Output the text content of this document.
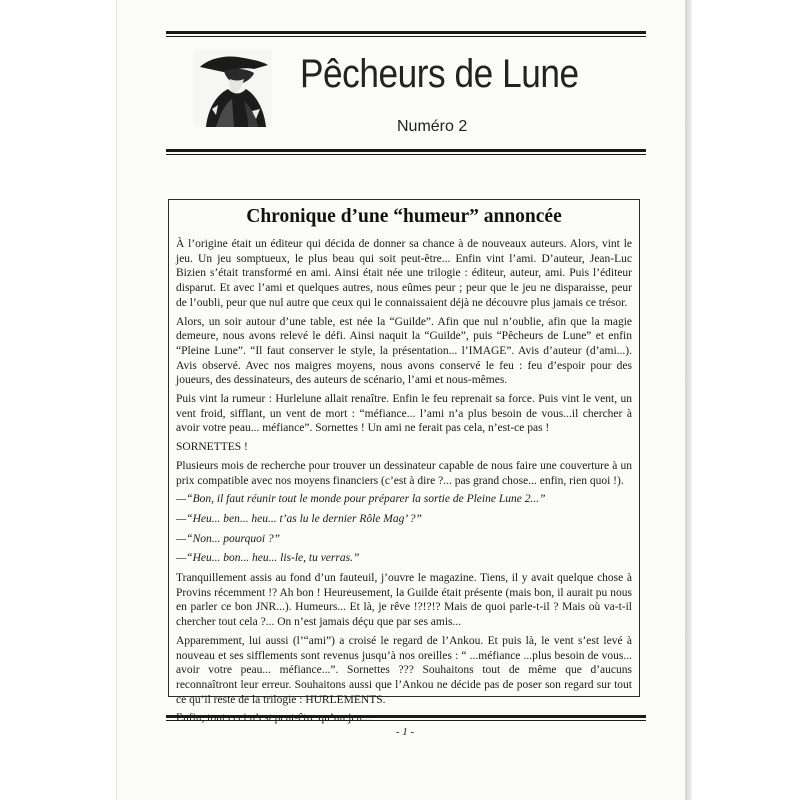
Pêcheurs de Lune
Numéro 2
Chronique d’une “humeur” annoncée

À l’origine était un éditeur qui décida de donner sa chance à de nouveaux auteurs. Alors, vint le jeu. Un jeu somptueux, le plus beau qui soit peut-être... Enfin vint l’ami. D’auteur, Jean-Luc Bizien s’était transformé en ami. Ainsi était née une trilogie : éditeur, auteur, ami. Puis l’éditeur disparut. Et avec l’ami et quelques autres, nous eûmes peur ; peur que le jeu ne disparaisse, peur de l’oubli, peur que nul autre que ceux qui le connaissaient déjà ne découvre plus jamais ce trésor.

Alors, un soir autour d’une table, est née la “Guilde”. Afin que nul n’oublie, afin que la magie demeure, nous avons relevé le défi. Ainsi naquit la “Guilde”, puis “Pêcheurs de Lune” et enfin “Pleine Lune”. “Il faut conserver le style, la présentation... l’IMAGE”. Avis d’auteur (d’ami...). Avis observé. Avec nos maigres moyens, nous avons conservé le feu : feu d’espoir pour des joueurs, des dessinateurs, des auteurs de scénario, l’ami et nous-mêmes.

Puis vint la rumeur : Hurlelune allait renaître. Enfin le feu reprenait sa force. Puis vint le vent, un vent froid, sifflant, un vent de mort : “méfiance... l’ami n’a plus besoin de vous...il chercher à avoir votre peau... méfiance”. Sornettes ! Un ami ne ferait pas cela, n’est-ce pas !

SORNETTES !

Plusieurs mois de recherche pour trouver un dessinateur capable de nous faire une couverture à un prix compatible avec nos moyens financiers (c’est à dire ?... pas grand chose... enfin, rien quoi !).

—“Bon, il faut réunir tout le monde pour préparer la sortie de Pleine Lune 2...”

—“Heu... ben... heu... t’as lu le dernier Rôle Mag’ ?”

—“Non... pourquoi ?”

—“Heu... bon... heu... lis-le, tu verras.”

Tranquillement assis au fond d’un fauteuil, j’ouvre le magazine. Tiens, il y avait quelque chose à Provins récemment !? Ah bon ! Heureusement, la Guilde était présente (mais bon, il aurait pu nous en parler ce bon JNR...). Humeurs... Et là, je rêve !?!?!? Mais de quoi parle-t-il ? Mais où va-t-il chercher tout cela ?... On n’est jamais déçu que par ses amis...

Apparemment, lui aussi (l’“ami”) a croisé le regard de l’Ankou. Et puis là, le vent s’est levé à nouveau et ses sifflements sont revenus jusqu’à nos oreilles : “ ...méfiance ...plus besoin de vous... avoir votre peau... méfiance...”. Sornettes ??? Souhaitons tout de même que d’aucuns reconnaîtront leur erreur. Souhaitons aussi que l’Ankou ne décide pas de poser son regard sur tout ce qu’il reste de la trilogie : HURLEMENTS.

Enfin, tout ceci n’est peut-être qu’un jeu...

- 1 -
